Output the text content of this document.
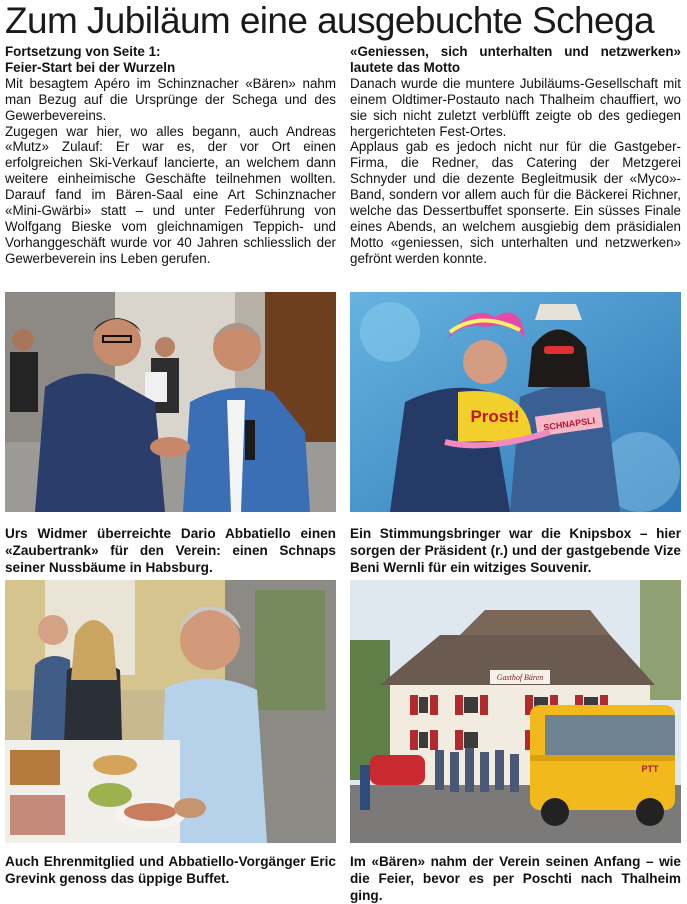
Zum Jubiläum eine ausgebuchte Schega

Fortsetzung von Seite 1:

Feier-Start bei der Wurzeln

Mit besagtem Apéro im Schinznacher «Bären» nahm man Bezug auf die Ursprünge der Schega und des Gewerbevereins.

Zugegen war hier, wo alles begann, auch Andreas «Mutz» Zulauf: Er war es, der vor Ort einen erfolgreichen Ski-Verkauf lancierte, an welchem dann weitere einheimische Geschäfte teilnehmen wollten. Darauf fand im Bären-Saal eine Art Schinznacher «Mini-Gwärbi» statt – und unter Federführung von Wolfgang Bieske vom gleichnamigen Teppich- und Vorhanggeschäft wurde vor 40 Jahren schliesslich der Gewerbeverein ins Leben gerufen.

«Geniessen, sich unterhalten und netzwerken» lautete das Motto

Danach wurde die muntere Jubiläums-Gesellschaft mit einem Oldtimer-Postauto nach Thalheim chauffiert, wo sie sich nicht zuletzt verblüfft zeigte ob des gediegen hergerichteten Fest-Ortes.

Applaus gab es jedoch nicht nur für die Gastgeber-Firma, die Redner, das Catering der Metzgerei Schnyder und die dezente Begleitmusik der «Myco»-Band, sondern vor allem auch für die Bäckerei Richner, welche das Dessertbuffet sponserte. Ein süsses Finale eines Abends, an welchem ausgiebig dem präsidialen Motto «geniessen, sich unterhalten und netzwerken» gefrönt werden konnte.

Prost!	SCHNAPSLI

Urs Widmer überreichte Dario Abbatiello einen «Zaubertrank» für den Verein: einen Schnaps seiner Nussbäume in Habsburg.

Ein Stimmungsbringer war die Knipsbox – hier sorgen der Präsident (r.) und der gastgebende Vize Beni Wernli für ein witziges Souvenir.

Gasthof Bären
PTT

Auch Ehrenmitglied und Abbatiello-Vorgänger Eric Grevink genoss das üppige Buffet.

Im «Bären» nahm der Verein seinen Anfang – wie die Feier, bevor es per Poschti nach Thalheim ging.
